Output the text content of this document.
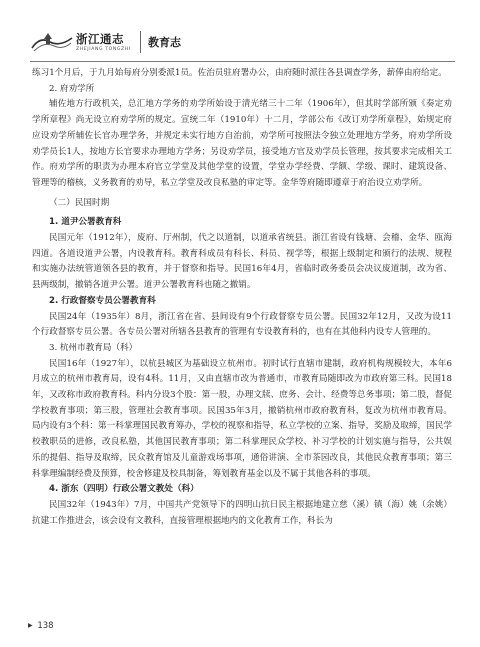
浙江通志
ZHEJIANG TONGZHI
教育志

练习1个月后，于九月始每府分别委派1员。佐治员驻府署办公，由府随时派往各县调查学务，薪俸由府给定。

2. 府劝学所

辅佐地方行政机关，总汇地方学务的劝学所始设于清光绪三十二年（1906年），但其时学部所颁《奏定劝学所章程》尚无设立府劝学所的规定。宣统二年（1910年）十二月，学部公布《改订劝学所章程》，始规定府应设劝学所辅佐长官办理学务，并规定未实行地方自治前，劝学所可按照法令独立处理地方学务，府劝学所设劝学员长1人，按地方长官要求办理地方学务；另设劝学员，接受地方官及劝学员长管理，按其要求完成相关工作。府劝学所的职责为办理本府官立学堂及其他学堂的设置，学堂办学经费、学额、学级、课时、建筑设备、管理等的稽核，义务教育的劝导，私立学堂及改良私塾的审定等。金华等府随即遵章于府治设立劝学所。

（二）民国时期

1. 道尹公署教育科

民国元年（1912年），废府、厅州制，代之以道制，以道承省统县。浙江省设有钱塘、会稽、金华、瓯海四道。各道设道尹公署，内设教育科。教育科成员有科长、科员、视学等，根据上级制定和颁行的法规、规程和实施办法统管道领各县的教育，并于督察和指导。民国16年4月，省临时政务委员会决议废道制，改为省、县两级制，撤销各道尹公署。道尹公署教育科也随之撤销。

2. 行政督察专员公署教育科

民国24年（1935年）8月，浙江省在省、县间设有9个行政督察专员公署。民国32年12月，又改为设11个行政督察专员公署。各专员公署对所辖各县教育的管理有专设教育科的，也有在其他科内设专人管理的。

3. 杭州市教育局（科）

民国16年（1927年），以杭县城区为基础设立杭州市。初时试行直辖市建制，政府机构规模较大，本年6月成立的杭州市教育局，设有4科。11月，又由直辖市改为普通市，市教育局随即改为市政府第三科。民国18年，又改称市政府教育科。科内分设3个股：第一股，办理文牍、庶务、会计、经费等总务事项；第二股，督促学校教育事项；第三股，管理社会教育事项。民国35年3月，撤销杭州市政府教育科，复改为杭州市教育局。局内设有3个科：第一科掌理国民教育筹办，学校的视察和指导，私立学校的立案、指导，奖励及取缔，国民学校教职员的进修，改良私塾，其他国民教育事项；第二科掌理民众学校、补习学校的计划实施与指导，公共娱乐的提倡、指导及取缔，民众教育馆及儿童游戏场事项，通俗讲演、全市茶园改良，其他民众教育事项；第三科掌理编制经费及预算，校舍修建及校具制备，筹划教育基金以及不属于其他各科的事项。

4. 浙东（四明）行政公署文教处（科）

民国32年（1943年）7月，中国共产党领导下的四明山抗日民主根据地建立慈（溪）镇（海）姚（余姚）抗建工作推进会，该会设有文教科，直接管理根据地内的文化教育工作，科长为

▶ 138
